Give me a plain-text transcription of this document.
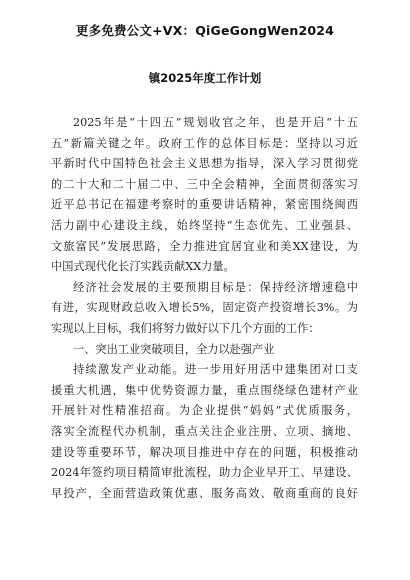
更多免费公文+VX：QiGeGongWen2024
镇2025年度工作计划
2025年是“十四五”规划收官之年，也是开启“十五
五”新篇关键之年。政府工作的总体目标是：坚持以习近
平新时代中国特色社会主义思想为指导，深入学习贯彻党
的二十大和二十届二中、三中全会精神，全面贯彻落实习
近平总书记在福建考察时的重要讲话精神，紧密围绕闽西
活力副中心建设主线，始终坚持“生态优先、工业强县、
文旅富民”发展思路，全力推进宜居宜业和美XX建设，为
中国式现代化长汀实践贡献XX力量。
经济社会发展的主要预期目标是：保持经济增速稳中
有进，实现财政总收入增长5%，固定资产投资增长3%。为
实现以上目标，我们将努力做好以下几个方面的工作：
一、突出工业突破项目，全力以赴强产业
持续激发产业动能。进一步用好用活中建集团对口支
援重大机遇，集中优势资源力量，重点围绕绿色建材产业
开展针对性精准招商。为企业提供“妈妈”式优质服务，
落实全流程代办机制，重点关注企业注册、立项、摘地、
建设等重要环节，解决项目推进中存在的问题，积极推动
2024年签约项目精简审批流程，助力企业早开工、早建设、
早投产，全面营造政策优惠、服务高效、敬商重商的良好
